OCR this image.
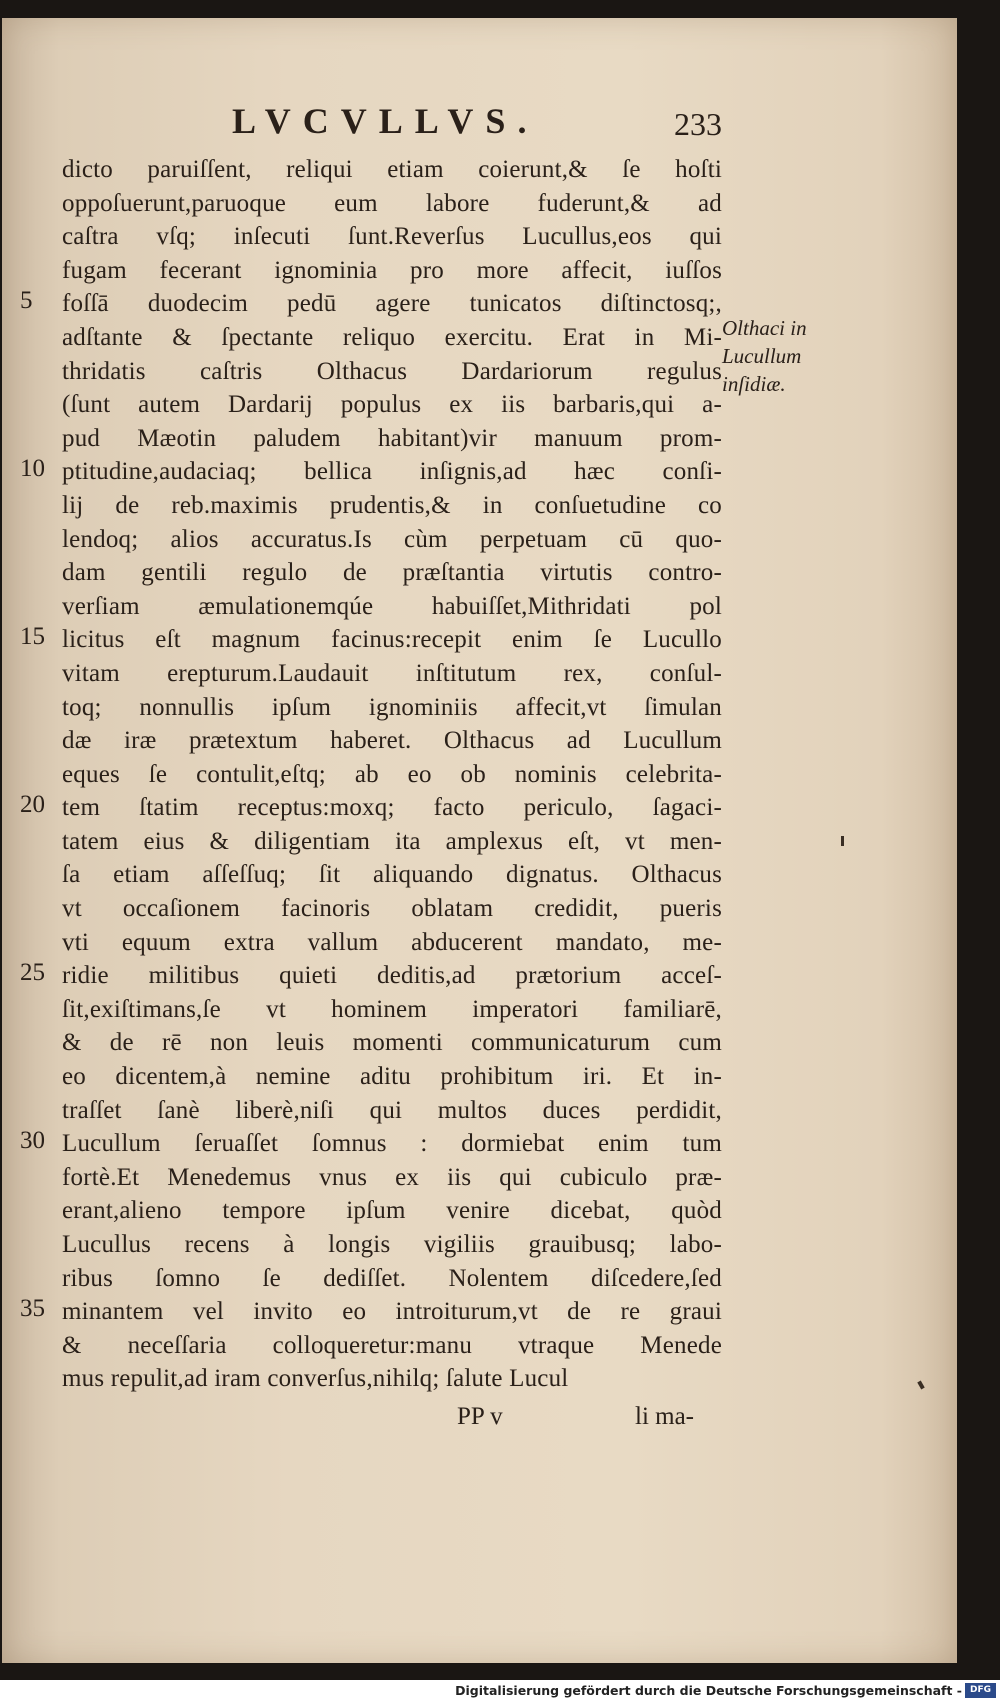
LVCVLLVS.	233
dicto paruiſſent, reliqui etiam coierunt,& ſe hoſti
oppoſuerunt,paruoque eum labore fuderunt,& ad
caſtra vſq; inſecuti ſunt.Reverſus Lucullus,eos qui
fugam fecerant ignominia pro more affecit, iuſſos
foſſā duodecim pedū agere tunicatos diſtinctosq;,
adſtante & ſpectante reliquo exercitu. Erat in Mi-
thridatis caſtris Olthacus Dardariorum regulus
(ſunt autem Dardarij populus ex iis barbaris,qui a-
pud Mæotin paludem habitant)vir manuum prom-
ptitudine,audaciaq; bellica inſignis,ad hæc conſi-
lij de reb.maximis prudentis,& in conſuetudine co
lendoq; alios accuratus.Is cùm perpetuam cū quo-
dam gentili regulo de præſtantia virtutis contro-
verſiam æmulationemqúe habuiſſet,Mithridati pol
licitus eſt magnum facinus:recepit enim ſe Lucullo
vitam erepturum.Laudauit inſtitutum rex, conſul-
toq; nonnullis ipſum ignominiis affecit,vt ſimulan
dæ iræ prætextum haberet. Olthacus ad Lucullum
eques ſe contulit,eſtq; ab eo ob nominis celebrita-
tem ſtatim receptus:moxq; facto periculo, ſagaci-
tatem eius & diligentiam ita amplexus eſt, vt men-
ſa etiam aſſeſſuq; ſit aliquando dignatus. Olthacus
vt occaſionem facinoris oblatam credidit, pueris
vti equum extra vallum abducerent mandato, me-
ridie militibus quieti deditis,ad prætorium acceſ-
ſit,exiſtimans,ſe vt hominem imperatori familiarē,
& de rē non leuis momenti communicaturum cum
eo dicentem,à nemine aditu prohibitum iri. Et in-
traſſet ſanè liberè,niſi qui multos duces perdidit,
Lucullum ſeruaſſet ſomnus : dormiebat enim tum
fortè.Et Menedemus vnus ex iis qui cubiculo præ-
erant,alieno tempore ipſum venire dicebat, quòd
Lucullus recens à longis vigiliis grauibusq; labo-
ribus ſomno ſe dediſſet. Nolentem diſcedere,ſed
minantem vel invito eo introiturum,vt de re graui
& neceſſaria colloqueretur:manu vtraque Menede
mus repulit,ad iram converſus,nihilq; ſalute Lucul
5
10
15
20
25
30
35
Olthaci in
Lucullum
inſidiæ.
PP v	li ma-
Digitalisierung gefördert durch die Deutsche Forschungsgemeinschaft - DFG
